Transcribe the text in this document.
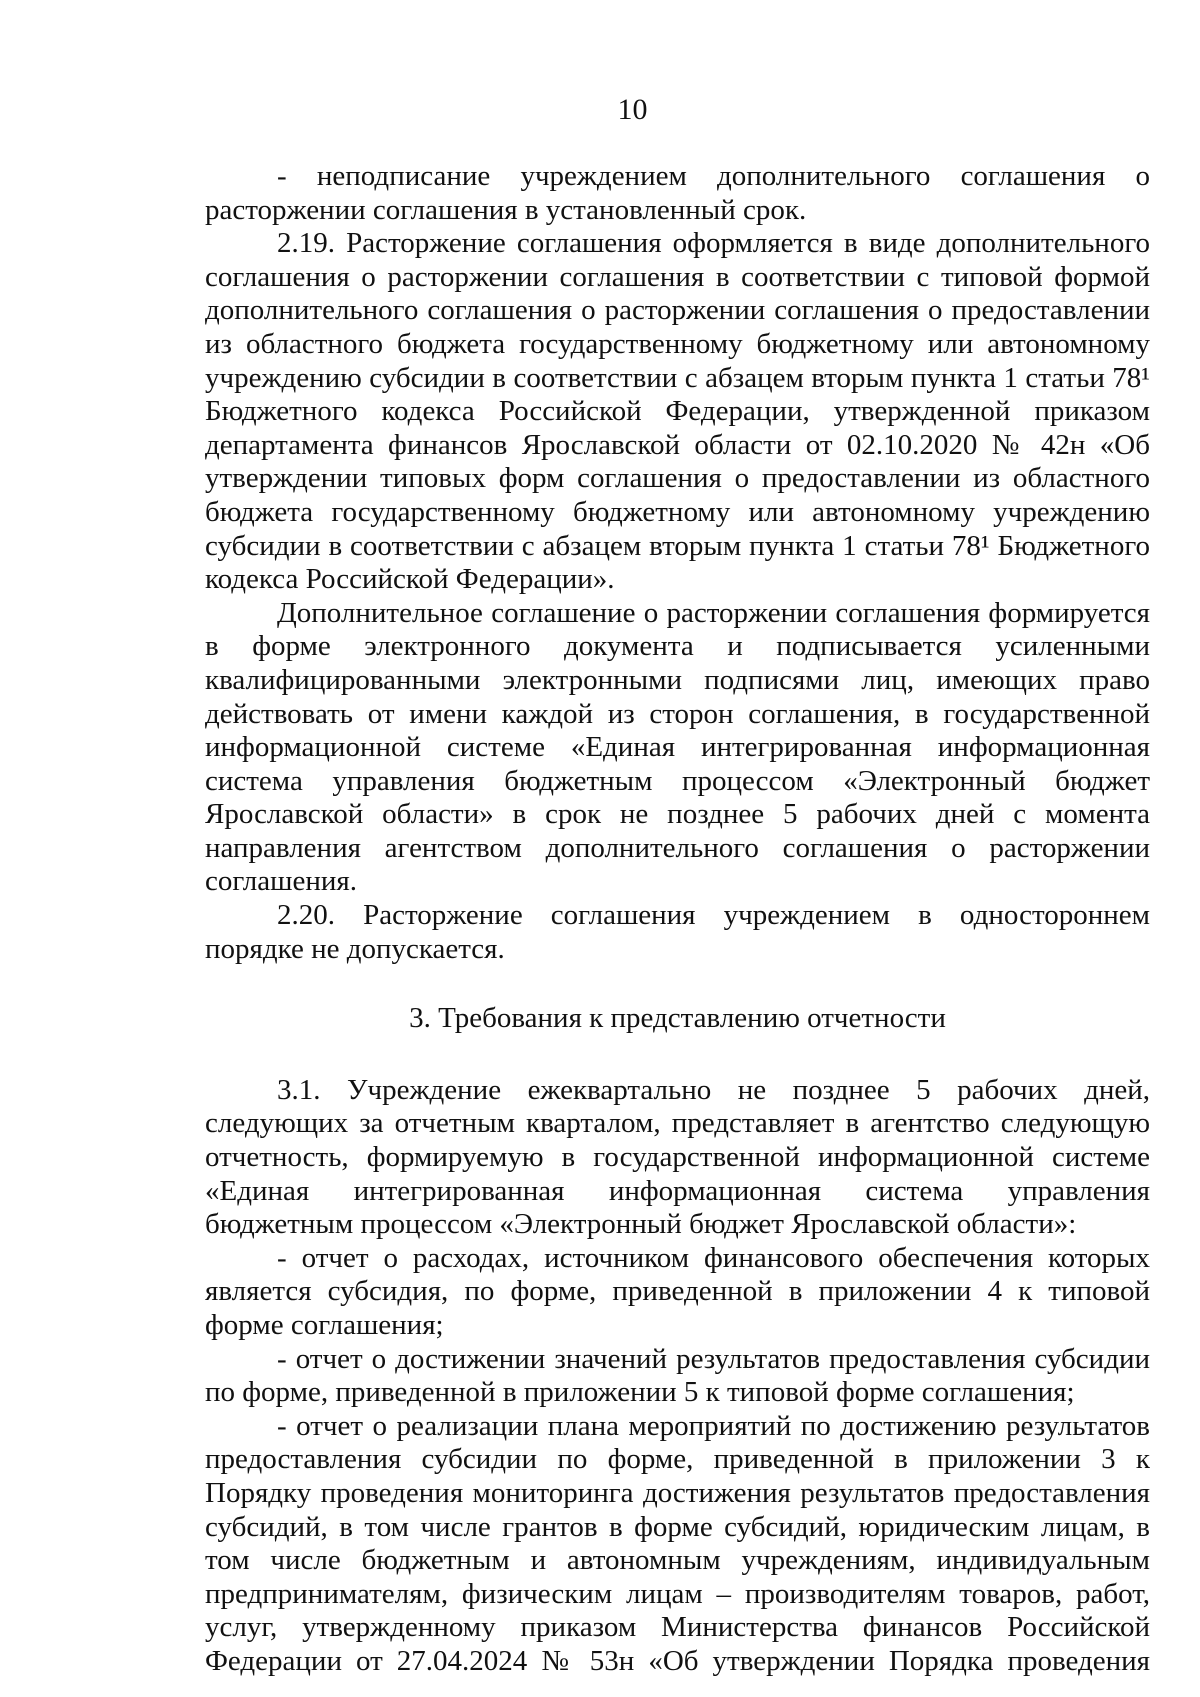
10

- неподписание учреждением дополнительного соглашения о расторжении соглашения в установленный срок.

2.19. Расторжение соглашения оформляется в виде дополнительного соглашения о расторжении соглашения в соответствии с типовой формой дополнительного соглашения о расторжении соглашения о предоставлении из областного бюджета государственному бюджетному или автономному учреждению субсидии в соответствии с абзацем вторым пункта 1 статьи 78¹ Бюджетного кодекса Российской Федерации, утвержденной приказом департамента финансов Ярославской области от 02.10.2020 № 42н «Об утверждении типовых форм соглашения о предоставлении из областного бюджета государственному бюджетному или автономному учреждению субсидии в соответствии с абзацем вторым пункта 1 статьи 78¹ Бюджетного кодекса Российской Федерации».

Дополнительное соглашение о расторжении соглашения формируется в форме электронного документа и подписывается усиленными квалифицированными электронными подписями лиц, имеющих право действовать от имени каждой из сторон соглашения, в государственной информационной системе «Единая интегрированная информационная система управления бюджетным процессом «Электронный бюджет Ярославской области» в срок не позднее 5 рабочих дней с момента направления агентством дополнительного соглашения о расторжении соглашения.

2.20. Расторжение соглашения учреждением в одностороннем порядке не допускается.

3. Требования к представлению отчетности

3.1. Учреждение ежеквартально не позднее 5 рабочих дней, следующих за отчетным кварталом, представляет в агентство следующую отчетность, формируемую в государственной информационной системе «Единая интегрированная информационная система управления бюджетным процессом «Электронный бюджет Ярославской области»:

- отчет о расходах, источником финансового обеспечения которых является субсидия, по форме, приведенной в приложении 4 к типовой форме соглашения;

- отчет о достижении значений результатов предоставления субсидии по форме, приведенной в приложении 5 к типовой форме соглашения;

- отчет о реализации плана мероприятий по достижению результатов предоставления субсидии по форме, приведенной в приложении 3 к Порядку проведения мониторинга достижения результатов предоставления субсидий, в том числе грантов в форме субсидий, юридическим лицам, в том числе бюджетным и автономным учреждениям, индивидуальным предпринимателям, физическим лицам – производителям товаров, работ, услуг, утвержденному приказом Министерства финансов Российской Федерации от 27.04.2024 № 53н «Об утверждении Порядка проведения
